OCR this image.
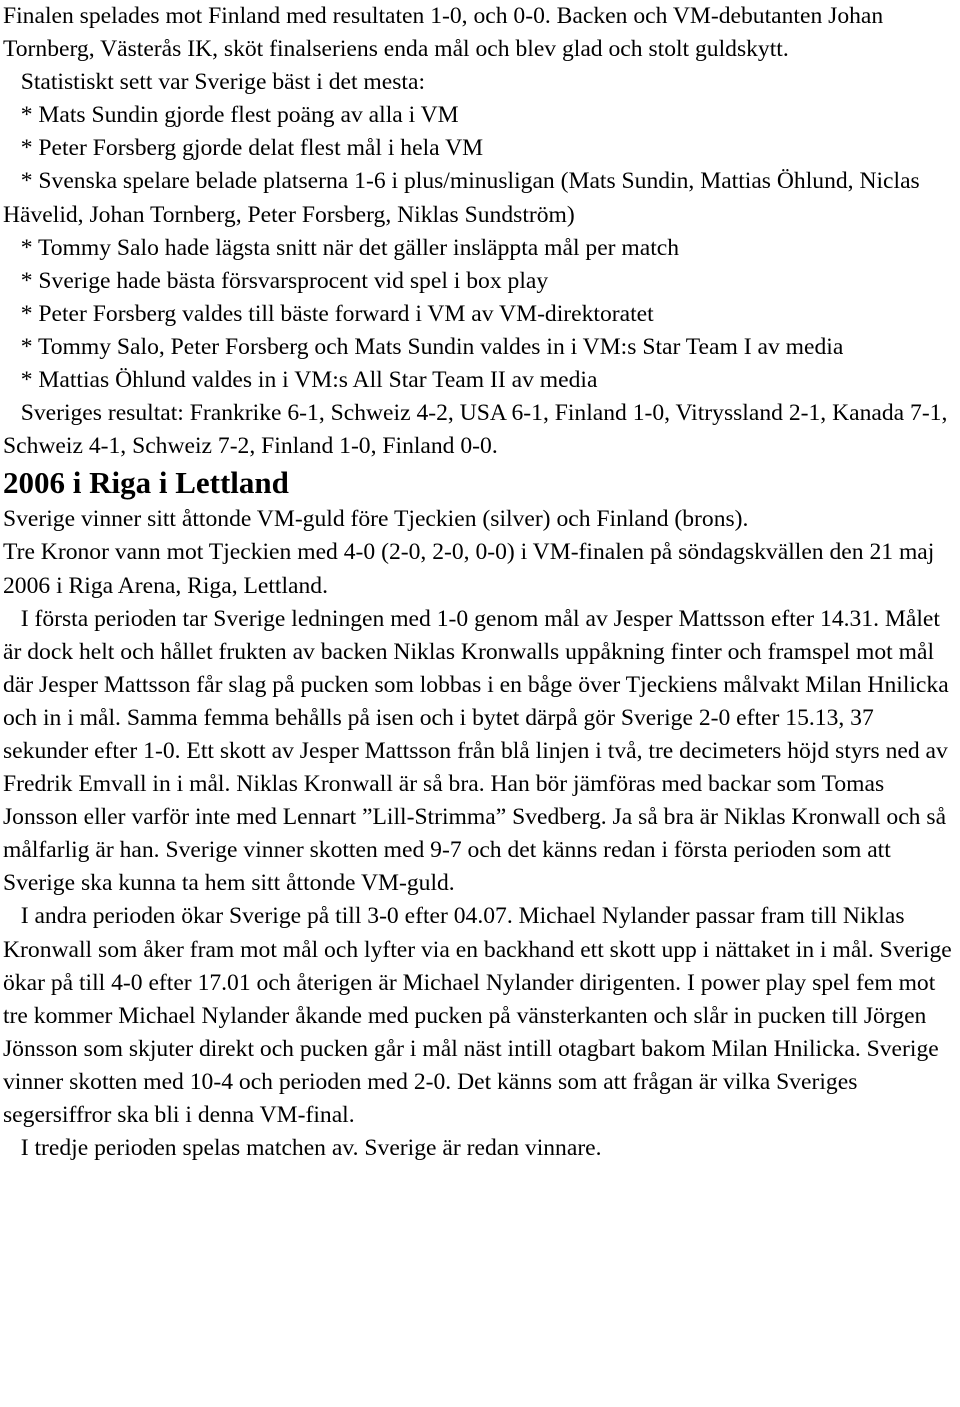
Finalen spelades mot Finland med resultaten 1-0, och 0-0. Backen och VM-debutanten Johan Tornberg, Västerås IK, sköt finalseriens enda mål och blev glad och stolt guldskytt.

Statistiskt sett var Sverige bäst i det mesta:

* Mats Sundin gjorde flest poäng av alla i VM

* Peter Forsberg gjorde delat flest mål i hela VM

* Svenska spelare belade platserna 1-6 i plus/minusligan (Mats Sundin, Mattias Öhlund, Niclas Hävelid, Johan Tornberg, Peter Forsberg, Niklas Sundström)

* Tommy Salo hade lägsta snitt när det gäller insläppta mål per match

* Sverige hade bästa försvarsprocent vid spel i box play

* Peter Forsberg valdes till bäste forward i VM av VM-direktoratet

* Tommy Salo, Peter Forsberg och Mats Sundin valdes in i VM:s Star Team I av media

* Mattias Öhlund valdes in i VM:s All Star Team II av media

Sveriges resultat: Frankrike 6-1, Schweiz 4-2, USA 6-1, Finland 1-0, Vitryssland 2-1, Kanada 7-1, Schweiz 4-1, Schweiz 7-2, Finland 1-0, Finland 0-0.

2006 i Riga i Lettland

Sverige vinner sitt åttonde VM-guld före Tjeckien (silver) och Finland (brons).

Tre Kronor vann mot Tjeckien med 4-0 (2-0, 2-0, 0-0) i VM-finalen på söndagskvällen den 21 maj 2006 i Riga Arena, Riga, Lettland.

I första perioden tar Sverige ledningen med 1-0 genom mål av Jesper Mattsson efter 14.31. Målet är dock helt och hållet frukten av backen Niklas Kronwalls uppåkning finter och framspel mot mål där Jesper Mattsson får slag på pucken som lobbas i en båge över Tjeckiens målvakt Milan Hnilicka och in i mål. Samma femma behålls på isen och i bytet därpå gör Sverige 2-0 efter 15.13, 37 sekunder efter 1-0. Ett skott av Jesper Mattsson från blå linjen i två, tre decimeters höjd styrs ned av Fredrik Emvall in i mål. Niklas Kronwall är så bra. Han bör jämföras med backar som Tomas Jonsson eller varför inte med Lennart ”Lill-Strimma” Svedberg. Ja så bra är Niklas Kronwall och så målfarlig är han. Sverige vinner skotten med 9-7 och det känns redan i första perioden som att Sverige ska kunna ta hem sitt åttonde VM-guld.

I andra perioden ökar Sverige på till 3-0 efter 04.07. Michael Nylander passar fram till Niklas Kronwall som åker fram mot mål och lyfter via en backhand ett skott upp i nättaket in i mål. Sverige ökar på till 4-0 efter 17.01 och återigen är Michael Nylander dirigenten. I power play spel fem mot tre kommer Michael Nylander åkande med pucken på vänsterkanten och slår in pucken till Jörgen Jönsson som skjuter direkt och pucken går i mål näst intill otagbart bakom Milan Hnilicka. Sverige vinner skotten med 10-4 och perioden med 2-0. Det känns som att frågan är vilka Sveriges segersiffror ska bli i denna VM-final.

I tredje perioden spelas matchen av. Sverige är redan vinnare.
